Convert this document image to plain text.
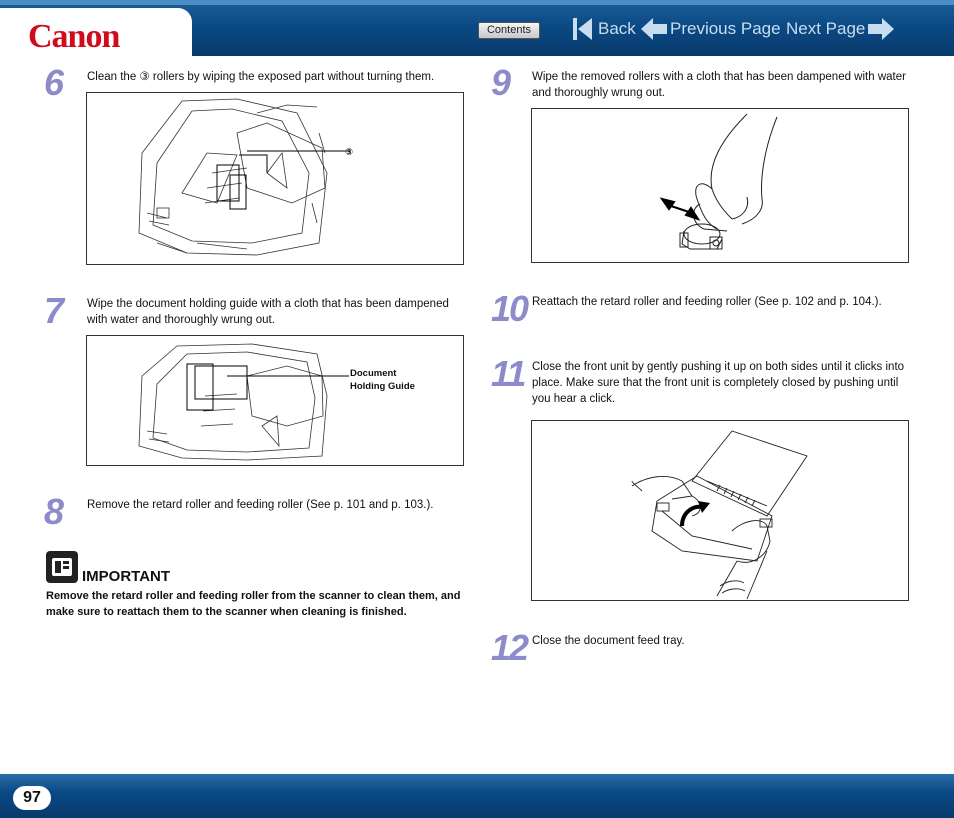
Canon	Contents	Back Previous Page Next Page
6 Clean the ③ rollers by wiping the exposed part without turning them.
③
7 Wipe the document holding guide with a cloth that has been dampened with water and thoroughly wrung out.
Document
Holding Guide
8 Remove the retard roller and feeding roller (See p. 101 and p. 103.).
IMPORTANT
Remove the retard roller and feeding roller from the scanner to clean them, and make sure to reattach them to the scanner when cleaning is finished.
9 Wipe the removed rollers with a cloth that has been dampened with water and thoroughly wrung out.
10 Reattach the retard roller and feeding roller (See p. 102 and p. 104.).
11 Close the front unit by gently pushing it up on both sides until it clicks into place. Make sure that the front unit is completely closed by pushing until you hear a click.
12 Close the document feed tray.
97
